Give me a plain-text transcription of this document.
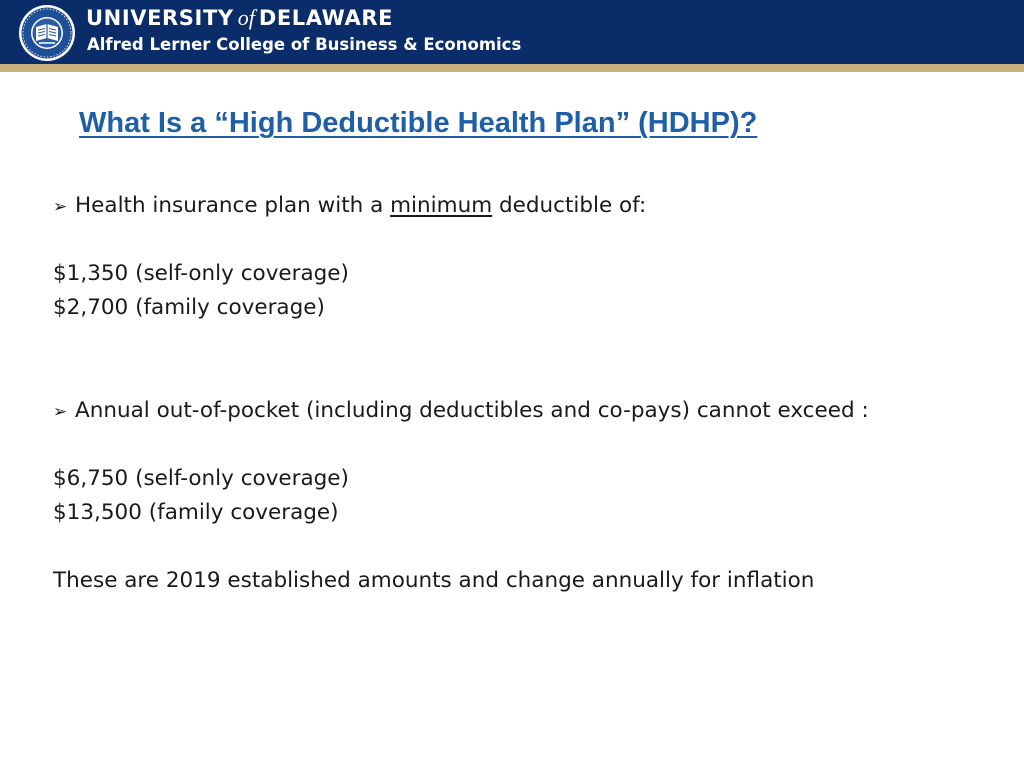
UNIVERSITY of DELAWARE
Alfred Lerner College of Business & Economics
What Is a “High Deductible Health Plan” (HDHP)?

➢ Health insurance plan with a minimum deductible of:

$1,350 (self-only coverage)

$2,700 (family coverage)

➢ Annual out-of-pocket (including deductibles and co-pays) cannot exceed :

$6,750 (self-only coverage)

$13,500 (family coverage)

These are 2019 established amounts and change annually for inflation
